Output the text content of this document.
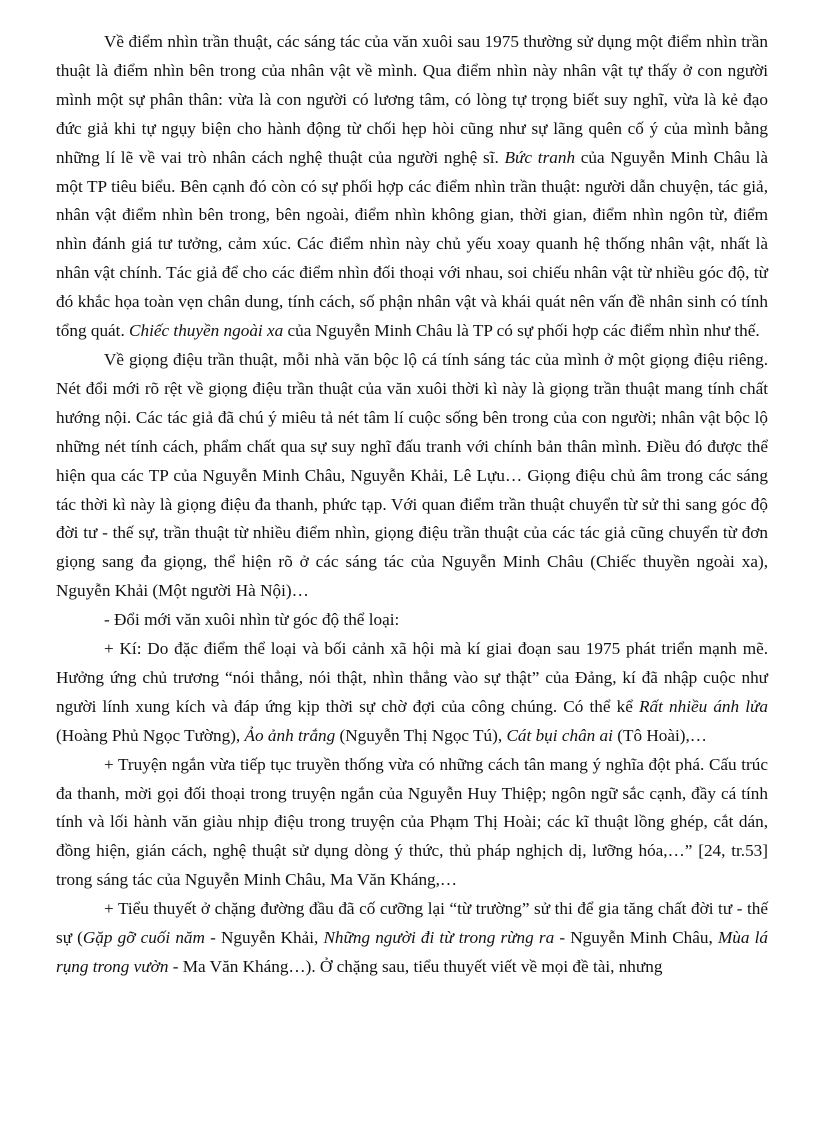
Về điểm nhìn trần thuật, các sáng tác của văn xuôi sau 1975 thường sử dụng một điểm nhìn trần thuật là điểm nhìn bên trong của nhân vật về mình. Qua điểm nhìn này nhân vật tự thấy ở con người mình một sự phân thân: vừa là con người có lương tâm, có lòng tự trọng biết suy nghĩ, vừa là kẻ đạo đức giả khi tự ngụy biện cho hành động từ chối hẹp hòi cũng như sự lãng quên cố ý của mình bằng những lí lẽ về vai trò nhân cách nghệ thuật của người nghệ sĩ. Bức tranh của Nguyễn Minh Châu là một TP tiêu biểu. Bên cạnh đó còn có sự phối hợp các điểm nhìn trần thuật: người dẫn chuyện, tác giả, nhân vật điểm nhìn bên trong, bên ngoài, điểm nhìn không gian, thời gian, điểm nhìn ngôn từ, điểm nhìn đánh giá tư tưởng, cảm xúc. Các điểm nhìn này chủ yếu xoay quanh hệ thống nhân vật, nhất là nhân vật chính. Tác giả để cho các điểm nhìn đối thoại với nhau, soi chiếu nhân vật từ nhiều góc độ, từ đó khắc họa toàn vẹn chân dung, tính cách, số phận nhân vật và khái quát nên vấn đề nhân sinh có tính tổng quát. Chiếc thuyền ngoài xa của Nguyễn Minh Châu là TP có sự phối hợp các điểm nhìn như thế.

Về giọng điệu trần thuật, mỗi nhà văn bộc lộ cá tính sáng tác của mình ở một giọng điệu riêng. Nét đổi mới rõ rệt về giọng điệu trần thuật của văn xuôi thời kì này là giọng trần thuật mang tính chất hướng nội. Các tác giả đã chú ý miêu tả nét tâm lí cuộc sống bên trong của con người; nhân vật bộc lộ những nét tính cách, phẩm chất qua sự suy nghĩ đấu tranh với chính bản thân mình. Điều đó được thể hiện qua các TP của Nguyễn Minh Châu, Nguyễn Khải, Lê Lựu… Giọng điệu chủ âm trong các sáng tác thời kì này là giọng điệu đa thanh, phức tạp. Với quan điểm trần thuật chuyển từ sử thi sang góc độ đời tư - thế sự, trần thuật từ nhiều điểm nhìn, giọng điệu trần thuật của các tác giả cũng chuyển từ đơn giọng sang đa giọng, thể hiện rõ ở các sáng tác của Nguyễn Minh Châu (Chiếc thuyền ngoài xa), Nguyễn Khải (Một người Hà Nội)…

- Đổi mới văn xuôi nhìn từ góc độ thể loại:

+ Kí: Do đặc điểm thể loại và bối cảnh xã hội mà kí giai đoạn sau 1975 phát triển mạnh mẽ. Hưởng ứng chủ trương “nói thẳng, nói thật, nhìn thẳng vào sự thật” của Đảng, kí đã nhập cuộc như người lính xung kích và đáp ứng kịp thời sự chờ đợi của công chúng. Có thể kể Rất nhiều ánh lửa (Hoàng Phủ Ngọc Tường), Ảo ảnh trắng (Nguyễn Thị Ngọc Tú), Cát bụi chân ai (Tô Hoài),…

+ Truyện ngắn vừa tiếp tục truyền thống vừa có những cách tân mang ý nghĩa đột phá. Cấu trúc đa thanh, mời gọi đối thoại trong truyện ngắn của Nguyễn Huy Thiệp; ngôn ngữ sắc cạnh, đầy cá tính tính và lối hành văn giàu nhịp điệu trong truyện của Phạm Thị Hoài; các kĩ thuật lồng ghép, cắt dán, đồng hiện, gián cách, nghệ thuật sử dụng dòng ý thức, thủ pháp nghịch dị, lưỡng hóa,…” [24, tr.53] trong sáng tác của Nguyễn Minh Châu, Ma Văn Kháng,…

+ Tiểu thuyết ở chặng đường đầu đã cố cưỡng lại “từ trường” sử thi để gia tăng chất đời tư - thế sự (Gặp gỡ cuối năm - Nguyễn Khải, Những người đi từ trong rừng ra - Nguyễn Minh Châu, Mùa lá rụng trong vườn - Ma Văn Kháng…). Ở chặng sau, tiểu thuyết viết về mọi đề tài, nhưng
